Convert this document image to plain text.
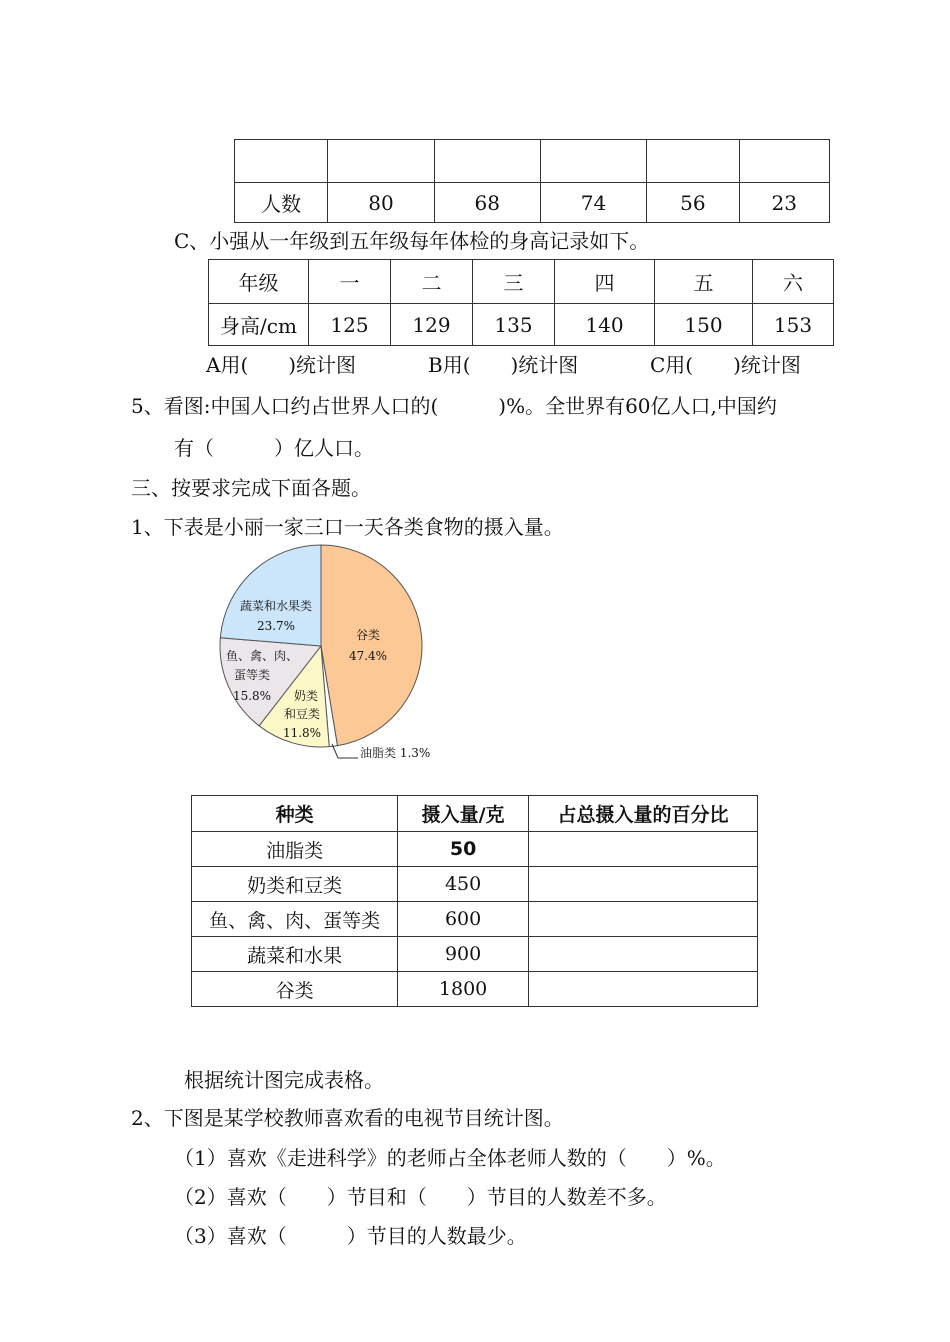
人数	80	68	74	56	23
C、小强从一年级到五年级每年体检的身高记录如下。
年级	一	二	三	四	五	六
身高/cm	125	129	135	140	150	153
A用(　　)统计图	B用(　　)统计图	C用(　　)统计图
5、看图:中国人口约占世界人口的(　　　)%。全世界有60亿人口,中国约
有（　　　）亿人口。
三、按要求完成下面各题。
1、下表是小丽一家三口一天各类食物的摄入量。
谷类
47.4%
蔬菜和水果类
23.7%
鱼、禽、肉、
蛋等类
15.8% 奶类
和豆类
11.8%
油脂类 1.3%
种类	摄入量/克	占总摄入量的百分比
油脂类	50	
奶类和豆类	450	
鱼、禽、肉、蛋等类	600	
蔬菜和水果	900	
谷类	1800	
根据统计图完成表格。
2、下图是某学校教师喜欢看的电视节目统计图。
（1）喜欢《走进科学》的老师占全体老师人数的（　　）%。
（2）喜欢（　　）节目和（　　）节目的人数差不多。
（3）喜欢（　　　）节目的人数最少。
